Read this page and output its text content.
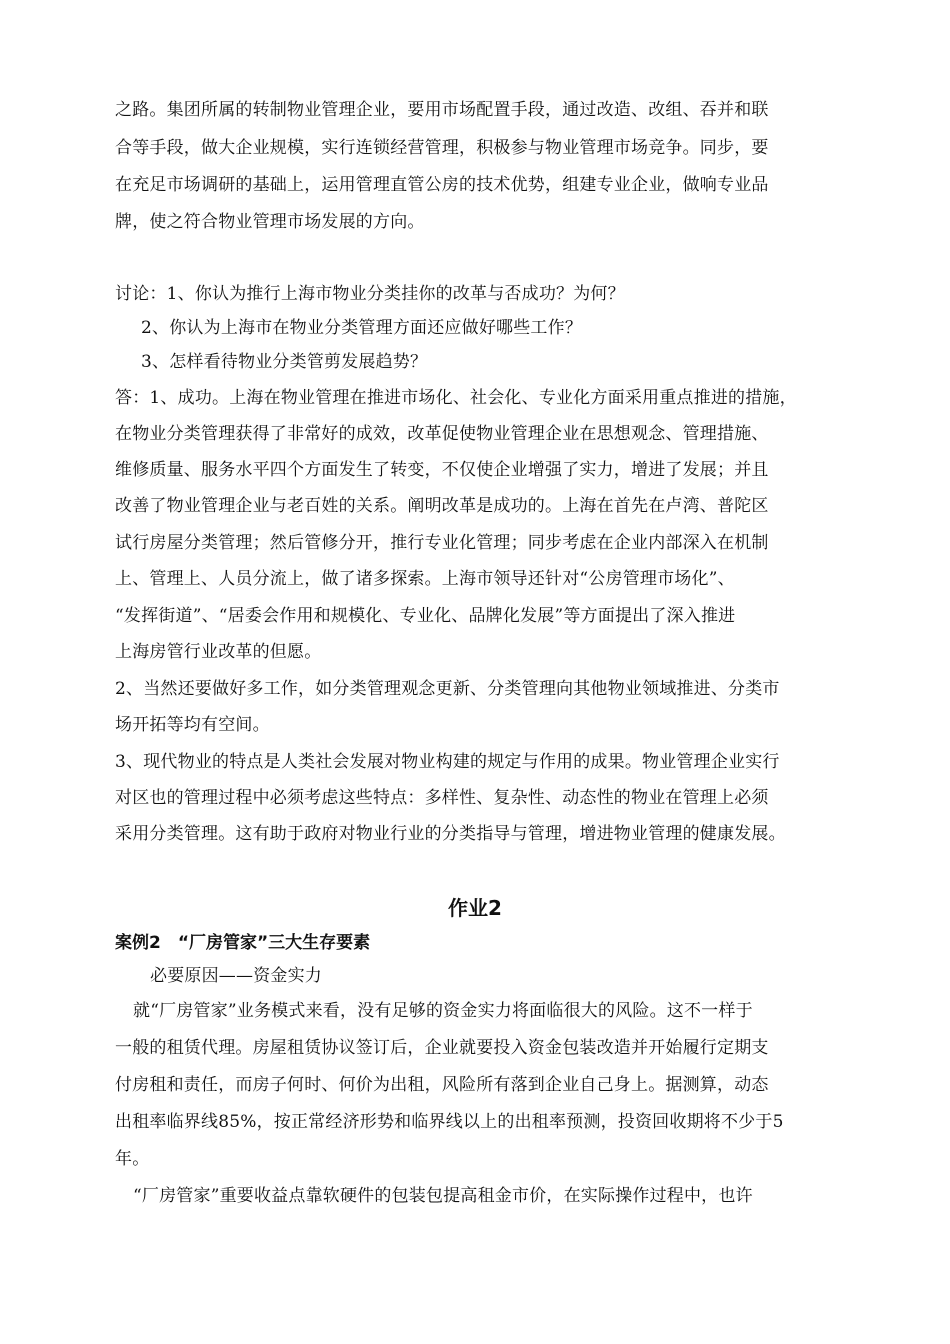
之路。集团所属的转制物业管理企业，要用市场配置手段，通过改造、改组、吞并和联
合等手段，做大企业规模，实行连锁经营管理，积极参与物业管理市场竞争。同步，要
在充足市场调研的基础上，运用管理直管公房的技术优势，组建专业企业，做响专业品
牌，使之符合物业管理市场发展的方向。
讨论：1、你认为推行上海市物业分类挂你的改革与否成功？为何？
2、你认为上海市在物业分类管理方面还应做好哪些工作？
3、怎样看待物业分类管剪发展趋势？
答：1、成功。上海在物业管理在推进市场化、社会化、专业化方面采用重点推进的措施，
在物业分类管理获得了非常好的成效，改革促使物业管理企业在思想观念、管理措施、
维修质量、服务水平四个方面发生了转变，不仅使企业增强了实力，增进了发展；并且
改善了物业管理企业与老百姓的关系。阐明改革是成功的。上海在首先在卢湾、普陀区
试行房屋分类管理；然后管修分开，推行专业化管理；同步考虑在企业内部深入在机制
上、管理上、人员分流上，做了诸多探索。上海市领导还针对“公房管理市场化”、
“发挥街道”、“居委会作用和规模化、专业化、品牌化发展”等方面提出了深入推进
上海房管行业改革的但愿。
2、当然还要做好多工作，如分类管理观念更新、分类管理向其他物业领域推进、分类市
场开拓等均有空间。
3、现代物业的特点是人类社会发展对物业构建的规定与作用的成果。物业管理企业实行
对区也的管理过程中必须考虑这些特点：多样性、复杂性、动态性的物业在管理上必须
采用分类管理。这有助于政府对物业行业的分类指导与管理，增进物业管理的健康发展。
作业2
案例2　“厂房管家”三大生存要素
必要原因——资金实力
就“厂房管家”业务模式来看，没有足够的资金实力将面临很大的风险。这不一样于
一般的租赁代理。房屋租赁协议签订后，企业就要投入资金包装改造并开始履行定期支
付房租和责任，而房子何时、何价为出租，风险所有落到企业自己身上。据测算，动态
出租率临界线85%，按正常经济形势和临界线以上的出租率预测，投资回收期将不少于5
年。
“厂房管家”重要收益点靠软硬件的包装包提高租金市价，在实际操作过程中，也许
